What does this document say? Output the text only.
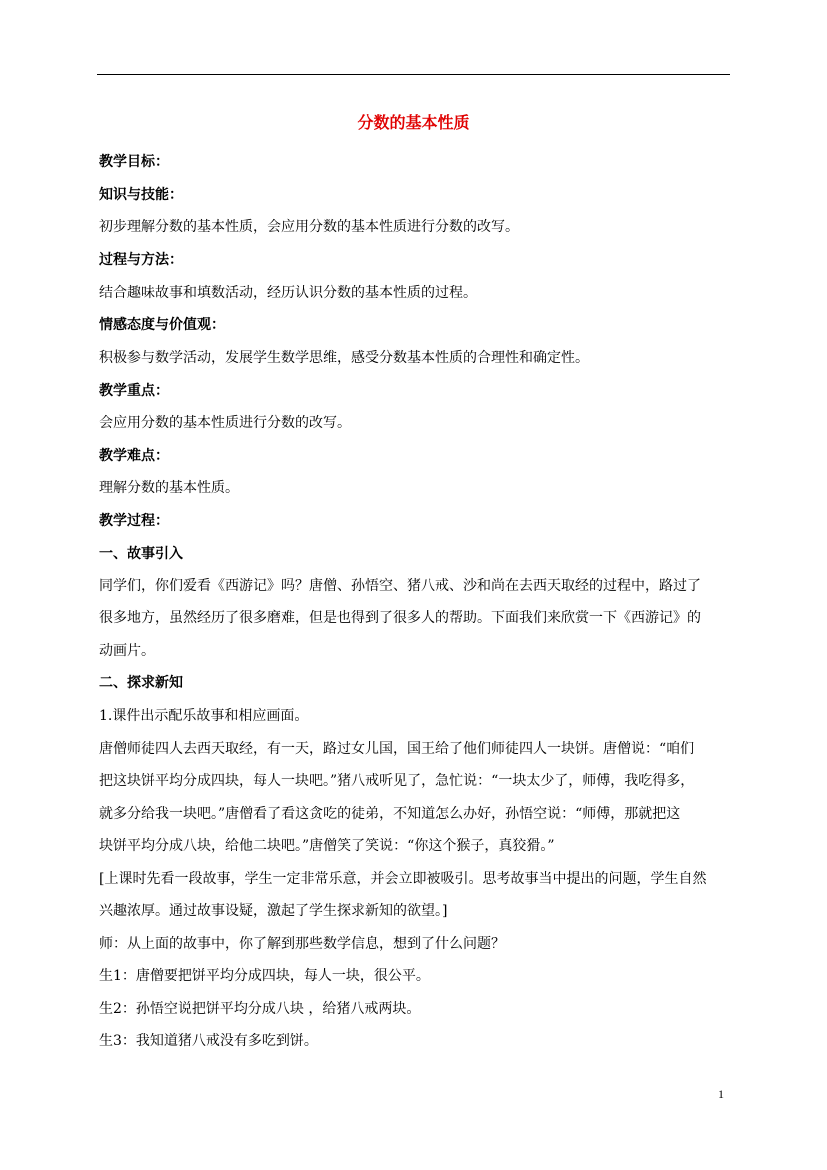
分数的基本性质
教学目标：
知识与技能：
初步理解分数的基本性质，会应用分数的基本性质进行分数的改写。
过程与方法：
结合趣味故事和填数活动，经历认识分数的基本性质的过程。
情感态度与价值观：
积极参与数学活动，发展学生数学思维，感受分数基本性质的合理性和确定性。
教学重点：
会应用分数的基本性质进行分数的改写。
教学难点：
理解分数的基本性质。
教学过程：
一、故事引入
同学们，你们爱看《西游记》吗？唐僧、孙悟空、猪八戒、沙和尚在去西天取经的过程中，路过了
很多地方，虽然经历了很多磨难，但是也得到了很多人的帮助。下面我们来欣赏一下《西游记》的
动画片。
二、探求新知
1.课件出示配乐故事和相应画面。
唐僧师徒四人去西天取经，有一天，路过女儿国，国王给了他们师徒四人一块饼。唐僧说：“咱们
把这块饼平均分成四块，每人一块吧。”猪八戒听见了，急忙说：“一块太少了，师傅，我吃得多，
就多分给我一块吧。”唐僧看了看这贪吃的徒弟，不知道怎么办好，孙悟空说：“师傅，那就把这
块饼平均分成八块，给他二块吧。”唐僧笑了笑说：“你这个猴子，真狡猾。”
[上课时先看一段故事，学生一定非常乐意，并会立即被吸引。思考故事当中提出的问题，学生自然
兴趣浓厚。通过故事设疑，激起了学生探求新知的欲望。]
师：从上面的故事中，你了解到那些数学信息，想到了什么问题？
生1：唐僧要把饼平均分成四块，每人一块，很公平。
生2：孙悟空说把饼平均分成八块 ，给猪八戒两块。
生3：我知道猪八戒没有多吃到饼。
1
